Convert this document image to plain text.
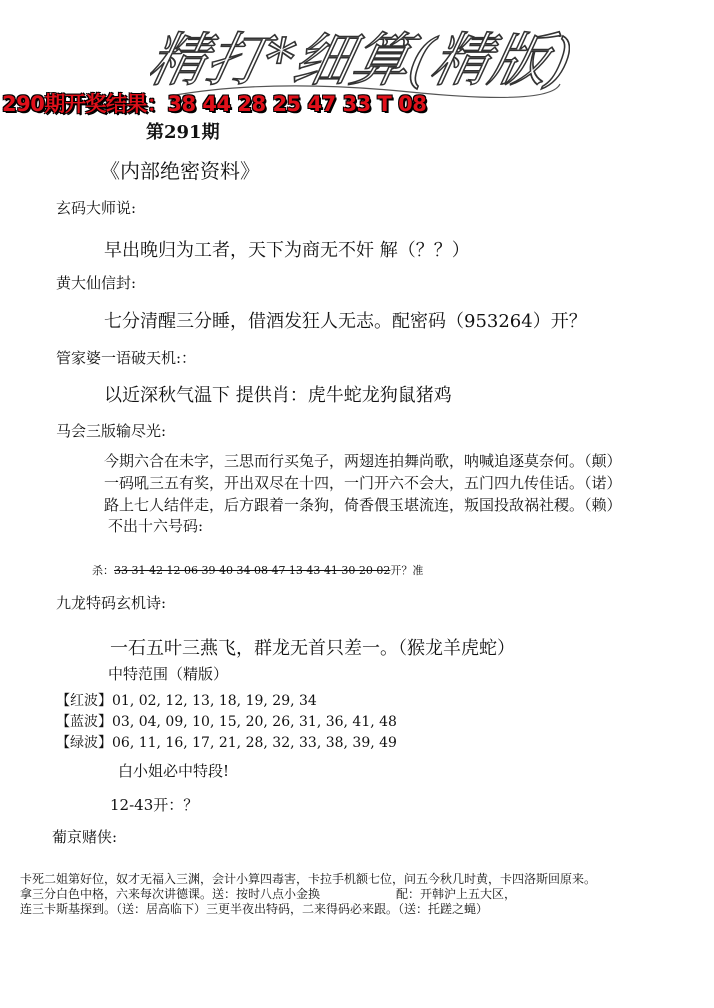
精打*细算(精版)
290期开奖结果：38 44 28 25 47 33 T 08
第291期
《内部绝密资料》
玄码大师说:
早出晚归为工者，天下为商无不奸 解（？？）
黄大仙信封:
七分清醒三分睡，借酒发狂人无志。配密码（953264）开？
管家婆一语破天机:：
以近深秋气温下 提供肖：虎牛蛇龙狗鼠猪鸡
马会三版输尽光:
今期六合在未字，三思而行买兔子，两翅连拍舞尚歌，呐喊追逐莫奈何。（颠）
一码吼三五有奖，开出双尽在十四，一门开六不会大，五门四九传佳话。（诺）
路上七人结伴走，后方跟着一条狗，倚香偎玉堪流连，叛国投敌祸社稷。（赖）
不出十六号码:
杀：33 31 42 12 06 39 40 34 08 47 13 43 41 30 20 02开？准
九龙特码玄机诗:
一石五叶三燕飞，群龙无首只差一。（猴龙羊虎蛇）
中特范围（精版）
【红波】01, 02, 12, 13, 18, 19, 29, 34
【蓝波】03, 04, 09, 10, 15, 20, 26, 31, 36, 41, 48
【绿波】06, 11, 16, 17, 21, 28, 32, 33, 38, 39, 49
白小姐必中特段!
12-43开：？
葡京赌侠:
卡死二姐第好位，奴才无福入三渊，会计小算四毒害，卡拉手机额七位，问五今秋几时黄，卡四洛斯回原来。
拿三分白色中格，六来每次讲德课。送：按时八点小金换	配：开韩沪上五大区，
连三卡斯基探到。（送：居高临下）三更半夜出特码，二来得码必来跟。（送：托蹉之蝇）
